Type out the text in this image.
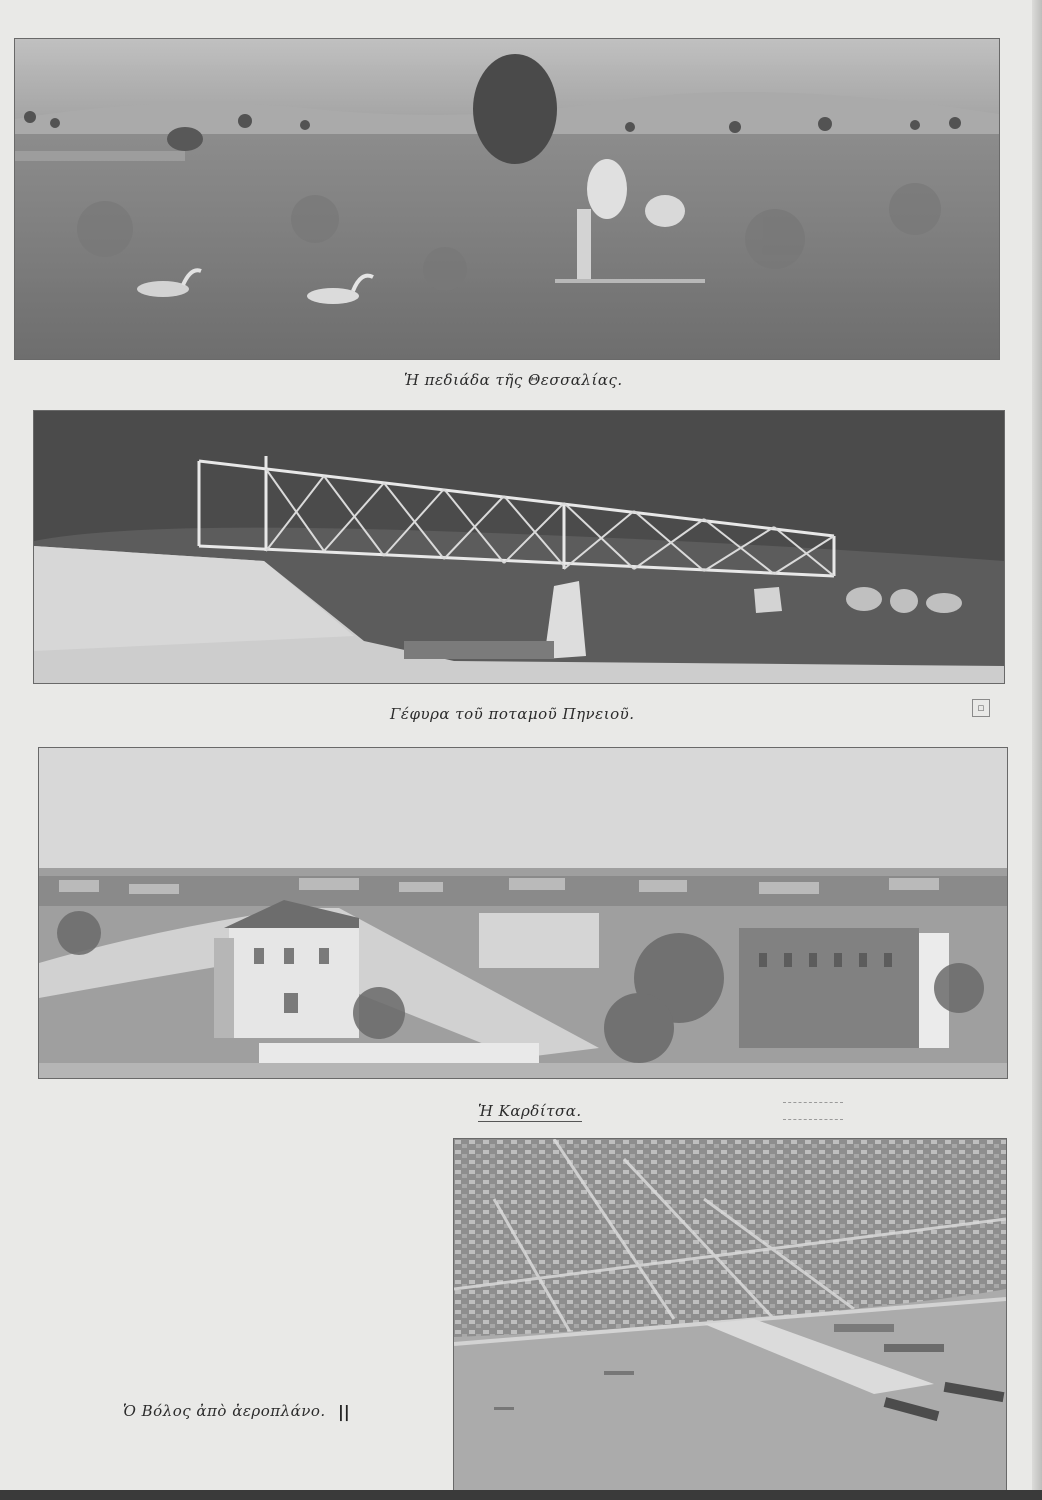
Ἡ πεδιάδα τῆς Θεσσαλίας.
Γέφυρα τοῦ ποταμοῦ Πηνειοῦ.	▫
Ἡ Καρδίτσα.
Ὁ Βόλος ἀπὸ ἀεροπλάνο. ||
